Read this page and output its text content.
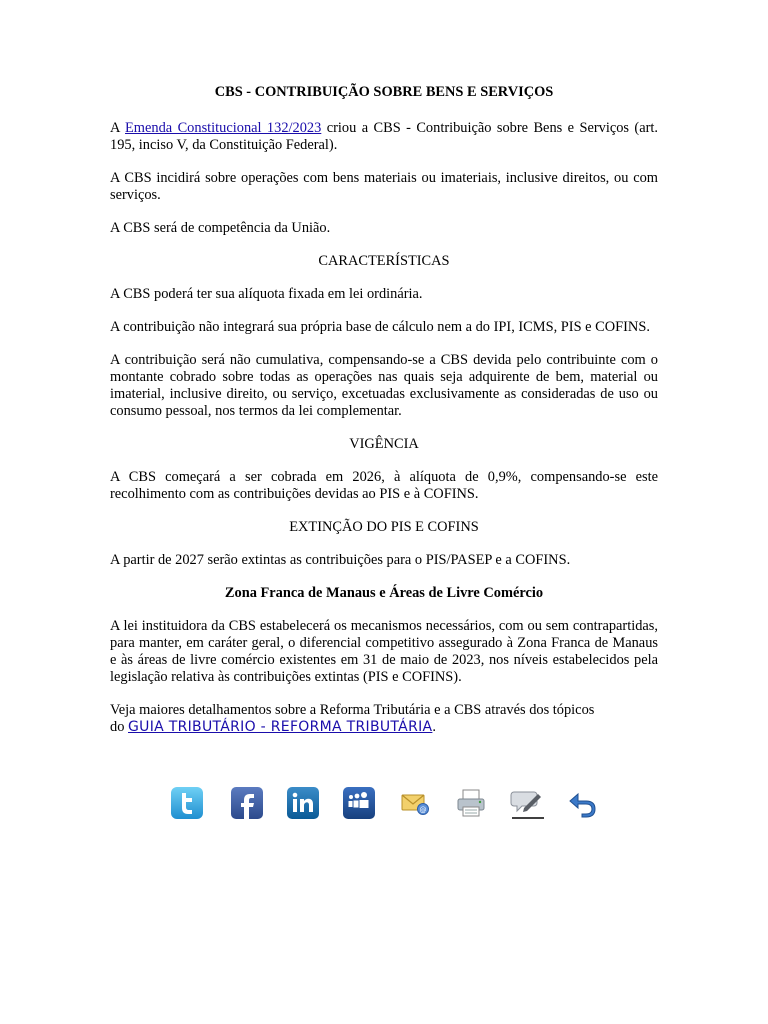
CBS - CONTRIBUIÇÃO SOBRE BENS E SERVIÇOS

A Emenda Constitucional 132/2023 criou a CBS - Contribuição sobre Bens e Serviços (art. 195, inciso V, da Constituição Federal).

A CBS incidirá sobre operações com bens materiais ou imateriais, inclusive direitos, ou com serviços.

A CBS será de competência da União.

CARACTERÍSTICAS

A CBS poderá ter sua alíquota fixada em lei ordinária.

A contribuição não integrará sua própria base de cálculo nem a do IPI, ICMS, PIS e COFINS.

A contribuição será não cumulativa, compensando-se a CBS devida pelo contribuinte com o montante cobrado sobre todas as operações nas quais seja adquirente de bem, material ou imaterial, inclusive direito, ou serviço, excetuadas exclusivamente as consideradas de uso ou consumo pessoal, nos termos da lei complementar.

VIGÊNCIA

A CBS começará a ser cobrada em 2026, à alíquota de 0,9%, compensando-se este recolhimento com as contribuições devidas ao PIS e à COFINS.

EXTINÇÃO DO PIS E COFINS

A partir de 2027 serão extintas as contribuições para o PIS/PASEP e a COFINS.

Zona Franca de Manaus e Áreas de Livre Comércio

A lei instituidora da CBS estabelecerá os mecanismos necessários, com ou sem contrapartidas, para manter, em caráter geral, o diferencial competitivo assegurado à Zona Franca de Manaus e às áreas de livre comércio existentes em 31 de maio de 2023, nos níveis estabelecidos pela legislação relativa às contribuições extintas (PIS e COFINS).

Veja maiores detalhamentos sobre a Reforma Tributária e a CBS através dos tópicos
do GUIA TRIBUTÁRIO - REFORMA TRIBUTÁRIA.

@
